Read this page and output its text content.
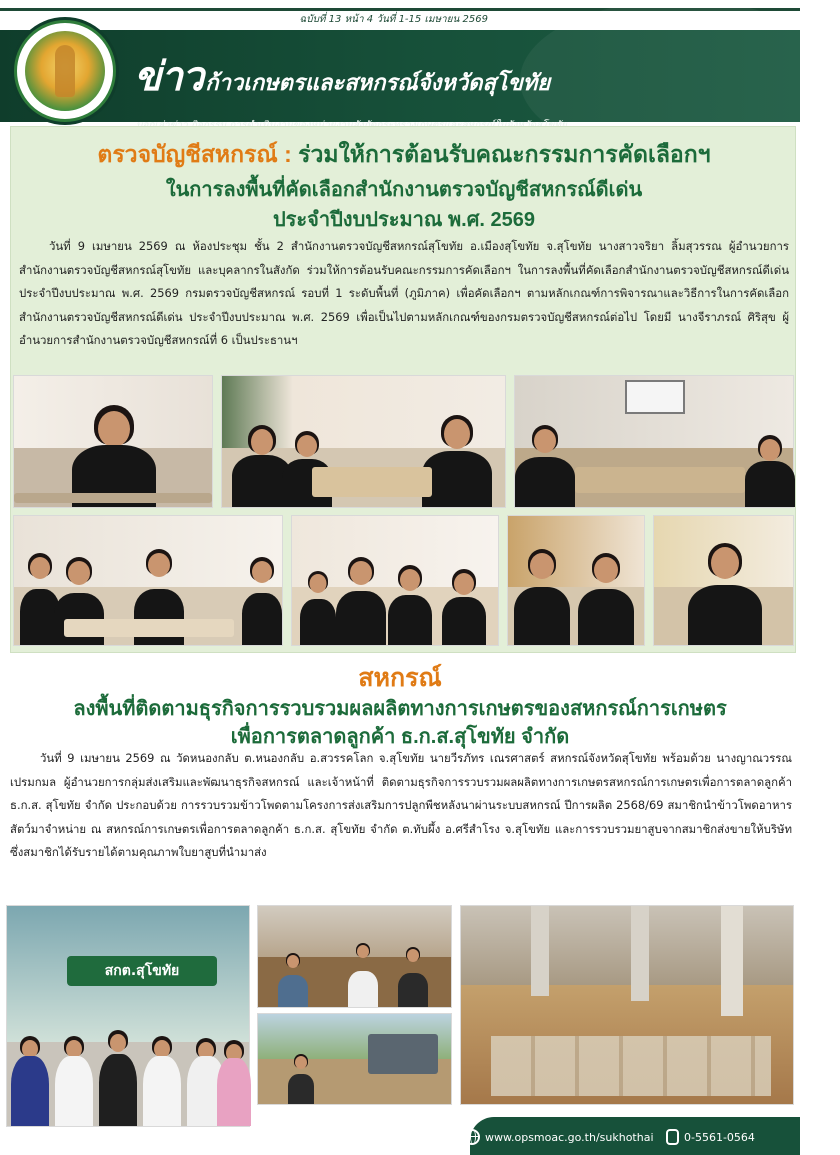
ฉบับที่ 13 หน้า 4 วันที่ 1-15 เมษายน 2569
ข่าวก้าวเกษตรและสหกรณ์จังหวัดสุโขทัย
ตรวจบัญชีสหกรณ์ : ร่วมให้การต้อนรับคณะกรรมการคัดเลือกฯ
ในการลงพื้นที่คัดเลือกสำนักงานตรวจบัญชีสหกรณ์ดีเด่น
ประจำปีงบประมาณ พ.ศ. 2569
วันที่ 9 เมษายน 2569 ณ ห้องประชุม ชั้น 2 สำนักงานตรวจบัญชีสหกรณ์สุโขทัย อ.เมืองสุโขทัย จ.สุโขทัย นางสาวจริยา ลิ้มสุวรรณ ผู้อำนวยการสำนักงานตรวจบัญชีสหกรณ์สุโขทัย และบุคลากรในสังกัด ร่วมให้การต้อนรับคณะกรรมการคัดเลือกฯ ในการลงพื้นที่คัดเลือกสำนักงานตรวจบัญชีสหกรณ์ดีเด่น ประจำปีงบประมาณ พ.ศ. 2569 กรมตรวจบัญชีสหกรณ์ รอบที่ 1 ระดับพื้นที่ (ภูมิภาค) เพื่อคัดเลือกฯ ตามหลักเกณฑ์การพิจารณาและวิธีการในการคัดเลือกสำนักงานตรวจบัญชีสหกรณ์ดีเด่น ประจำปีงบประมาณ พ.ศ. 2569 เพื่อเป็นไปตามหลักเกณฑ์ของกรมตรวจบัญชีสหกรณ์ต่อไป โดยมี นางจีราภรณ์ ศิริสุข ผู้อำนวยการสำนักงานตรวจบัญชีสหกรณ์ที่ 6 เป็นประธานฯ
สหกรณ์
ลงพื้นที่ติดตามธุรกิจการรวบรวมผลผลิตทางการเกษตรของสหกรณ์การเกษตร
เพื่อการตลาดลูกค้า ธ.ก.ส.สุโขทัย จำกัด
วันที่ 9 เมษายน 2569 ณ วัดหนองกลับ ต.หนองกลับ อ.สวรรคโลก จ.สุโขทัย นายวีรภัทร เณรศาสตร์ สหกรณ์จังหวัดสุโขทัย พร้อมด้วย นางญาณวรรณ เปรมกมล ผู้อำนวยการกลุ่มส่งเสริมและพัฒนาธุรกิจสหกรณ์ และเจ้าหน้าที่ ติดตามธุรกิจการรวบรวมผลผลิตทางการเกษตรสหกรณ์การเกษตรเพื่อการตลาดลูกค้า ธ.ก.ส. สุโขทัย จำกัด ประกอบด้วย การรวบรวมข้าวโพดตามโครงการส่งเสริมการปลูกพืชหลังนาผ่านระบบสหกรณ์ ปีการผลิต 2568/69 สมาชิกนำข้าวโพดอาหารสัตว์มาจำหน่าย ณ สหกรณ์การเกษตรเพื่อการตลาดลูกค้า ธ.ก.ส. สุโขทัย จำกัด ต.ทับผึ้ง อ.ศรีสำโรง จ.สุโขทัย และการรวบรวมยาสูบจากสมาชิกส่งขายให้บริษัท ซึ่งสมาชิกได้รับรายได้ตามคุณภาพใบยาสูบที่นำมาส่ง
สกต.สุโขทัย
www.opsmoac.go.th/sukhothai	0-5561-0564
